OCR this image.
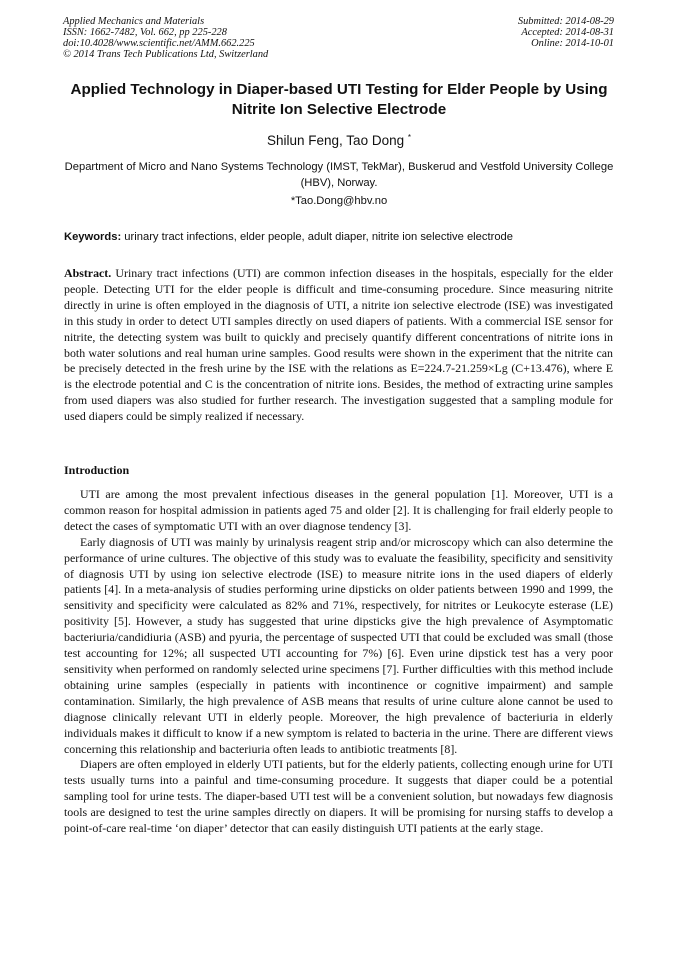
Applied Mechanics and Materials
ISSN: 1662-7482, Vol. 662, pp 225-228
doi:10.4028/www.scientific.net/AMM.662.225
© 2014 Trans Tech Publications Ltd, Switzerland
Submitted: 2014-08-29
Accepted: 2014-08-31
Online: 2014-10-01
Applied Technology in Diaper-based UTI Testing for Elder People by Using Nitrite Ion Selective Electrode
Shilun Feng, Tao Dong *
Department of Micro and Nano Systems Technology (IMST, TekMar), Buskerud and Vestfold University College (HBV), Norway.
*Tao.Dong@hbv.no
Keywords: urinary tract infections, elder people, adult diaper, nitrite ion selective electrode
Abstract. Urinary tract infections (UTI) are common infection diseases in the hospitals, especially for the elder people. Detecting UTI for the elder people is difficult and time-consuming procedure. Since measuring nitrite directly in urine is often employed in the diagnosis of UTI, a nitrite ion selective electrode (ISE) was investigated in this study in order to detect UTI samples directly on used diapers of patients. With a commercial ISE sensor for nitrite, the detecting system was built to quickly and precisely quantify different concentrations of nitrite ions in both water solutions and real human urine samples. Good results were shown in the experiment that the nitrite can be precisely detected in the fresh urine by the ISE with the relations as E=224.7-21.259×Lg (C+13.476), where E is the electrode potential and C is the concentration of nitrite ions. Besides, the method of extracting urine samples from used diapers was also studied for further research. The investigation suggested that a sampling module for used diapers could be simply realized if necessary.
Introduction

UTI are among the most prevalent infectious diseases in the general population [1]. Moreover, UTI is a common reason for hospital admission in patients aged 75 and older [2]. It is challenging for frail elderly people to detect the cases of symptomatic UTI with an over diagnose tendency [3].

Early diagnosis of UTI was mainly by urinalysis reagent strip and/or microscopy which can also determine the performance of urine cultures. The objective of this study was to evaluate the feasibility, specificity and sensitivity of diagnosis UTI by using ion selective electrode (ISE) to measure nitrite ions in the used diapers of elderly patients [4]. In a meta-analysis of studies performing urine dipsticks on older patients between 1990 and 1999, the sensitivity and specificity were calculated as 82% and 71%, respectively, for nitrites or Leukocyte esterase (LE) positivity [5]. However, a study has suggested that urine dipsticks give the high prevalence of Asymptomatic bacteriuria/candidiuria (ASB) and pyuria, the percentage of suspected UTI that could be excluded was small (those test accounting for 12%; all suspected UTI accounting for 7%) [6]. Even urine dipstick test has a very poor sensitivity when performed on randomly selected urine specimens [7]. Further difficulties with this method include obtaining urine samples (especially in patients with incontinence or cognitive impairment) and sample contamination. Similarly, the high prevalence of ASB means that results of urine culture alone cannot be used to diagnose clinically relevant UTI in elderly people. Moreover, the high prevalence of bacteriuria in elderly individuals makes it difficult to know if a new symptom is related to bacteria in the urine. There are different views concerning this relationship and bacteriuria often leads to antibiotic treatments [8].

Diapers are often employed in elderly UTI patients, but for the elderly patients, collecting enough urine for UTI tests usually turns into a painful and time-consuming procedure. It suggests that diaper could be a potential sampling tool for urine tests. The diaper-based UTI test will be a convenient solution, but nowadays few diagnosis tools are designed to test the urine samples directly on diapers. It will be promising for nursing staffs to develop a point-of-care real-time ‘on diaper’ detector that can easily distinguish UTI patients at the early stage.
